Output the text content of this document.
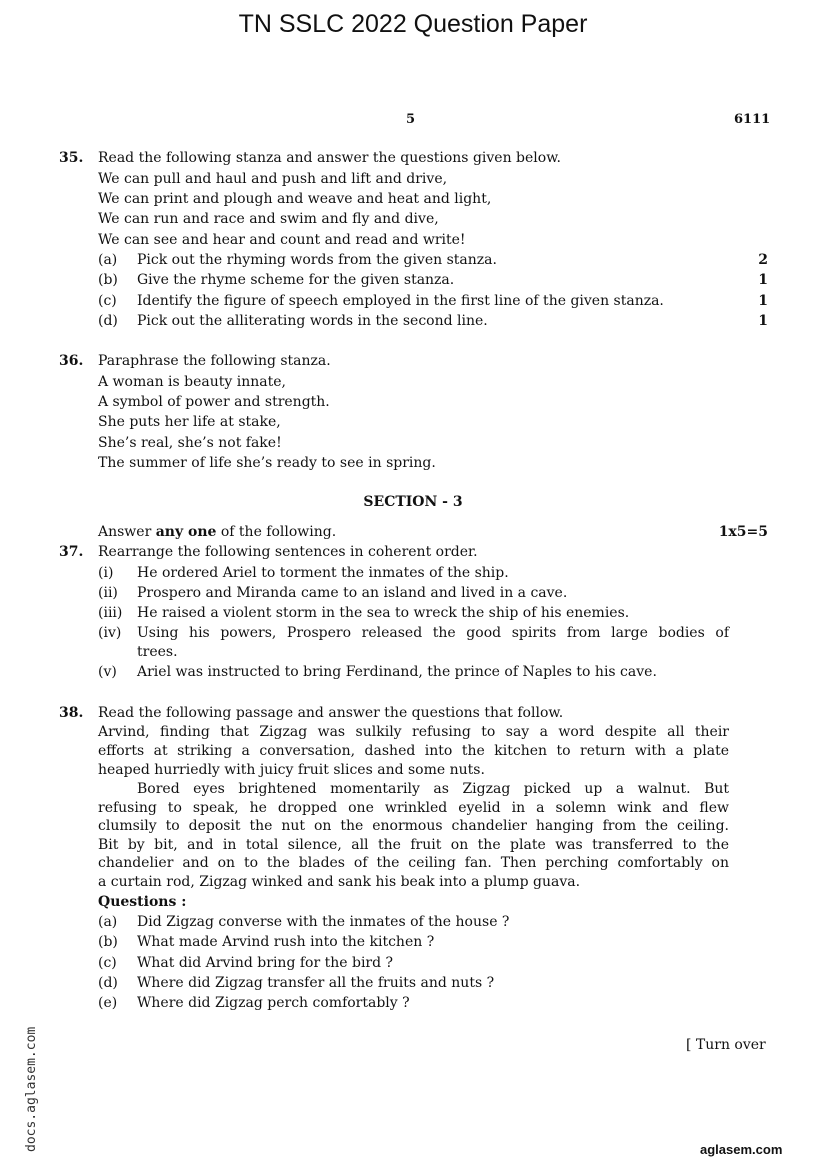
TN SSLC 2022 Question Paper
5	6111
35. Read the following stanza and answer the questions given below.
We can pull and haul and push and lift and drive,
We can print and plough and weave and heat and light,
We can run and race and swim and fly and dive,
We can see and hear and count and read and write!
(a) Pick out the rhyming words from the given stanza.	2
(b) Give the rhyme scheme for the given stanza.	1
(c) Identify the figure of speech employed in the first line of the given stanza.	1
(d) Pick out the alliterating words in the second line.	1
36. Paraphrase the following stanza.
A woman is beauty innate,
A symbol of power and strength.
She puts her life at stake,
She’s real, she’s not fake!
The summer of life she’s ready to see in spring.
SECTION - 3
Answer any one of the following.	1x5=5
37. Rearrange the following sentences in coherent order.
(i) He ordered Ariel to torment the inmates of the ship.
(ii) Prospero and Miranda came to an island and lived in a cave.
(iii) He raised a violent storm in the sea to wreck the ship of his enemies.
(iv) Using his powers, Prospero released the good spirits from large bodies of
trees.
(v) Ariel was instructed to bring Ferdinand, the prince of Naples to his cave.
38. Read the following passage and answer the questions that follow.
Arvind, finding that Zigzag was sulkily refusing to say a word despite all their
efforts at striking a conversation, dashed into the kitchen to return with a plate
heaped hurriedly with juicy fruit slices and some nuts.
Bored eyes brightened momentarily as Zigzag picked up a walnut. But
refusing to speak, he dropped one wrinkled eyelid in a solemn wink and flew
clumsily to deposit the nut on the enormous chandelier hanging from the ceiling.
Bit by bit, and in total silence, all the fruit on the plate was transferred to the
chandelier and on to the blades of the ceiling fan. Then perching comfortably on
a curtain rod, Zigzag winked and sank his beak into a plump guava.
Questions :
(a) Did Zigzag converse with the inmates of the house ?
(b) What made Arvind rush into the kitchen ?
(c) What did Arvind bring for the bird ?
(d) Where did Zigzag transfer all the fruits and nuts ?
(e) Where did Zigzag perch comfortably ?
[ Turn over
docs.aglasem.com	aglasem.com
